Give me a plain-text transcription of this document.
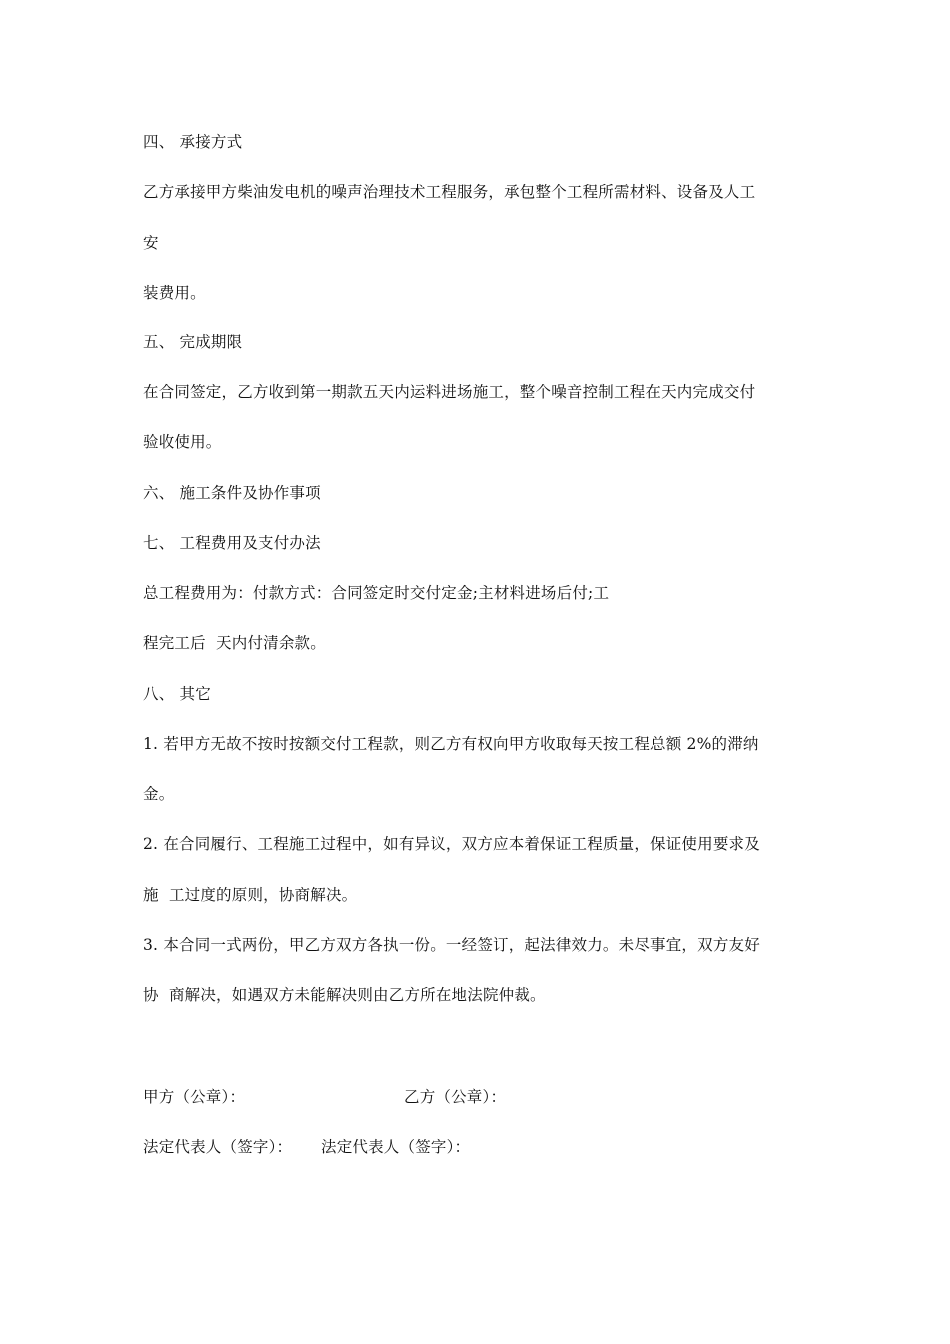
四、 承接方式
乙方承接甲方柴油发电机的噪声治理技术工程服务，承包整个工程所需材料、设备及人工
安
装费用。
五、 完成期限
在合同签定，乙方收到第一期款五天内运料进场施工，整个噪音控制工程在天内完成交付
验收使用。
六、 施工条件及协作事项
七、 工程费用及支付办法
总工程费用为：付款方式：合同签定时交付定金;主材料进场后付;工
程完工后  天内付清余款。
八、 其它
1. 若甲方无故不按时按额交付工程款，则乙方有权向甲方收取每天按工程总额 2%的滞纳
金。
2. 在合同履行、工程施工过程中，如有异议，双方应本着保证工程质量，保证使用要求及
施  工过度的原则，协商解决。
3. 本合同一式两份，甲乙方双方各执一份。一经签订，起法律效力。未尽事宜，双方友好
协  商解决，如遇双方未能解决则由乙方所在地法院仲裁。
甲方（公章）：	乙方（公章）：
法定代表人（签字）： 法定代表人（签字）：
